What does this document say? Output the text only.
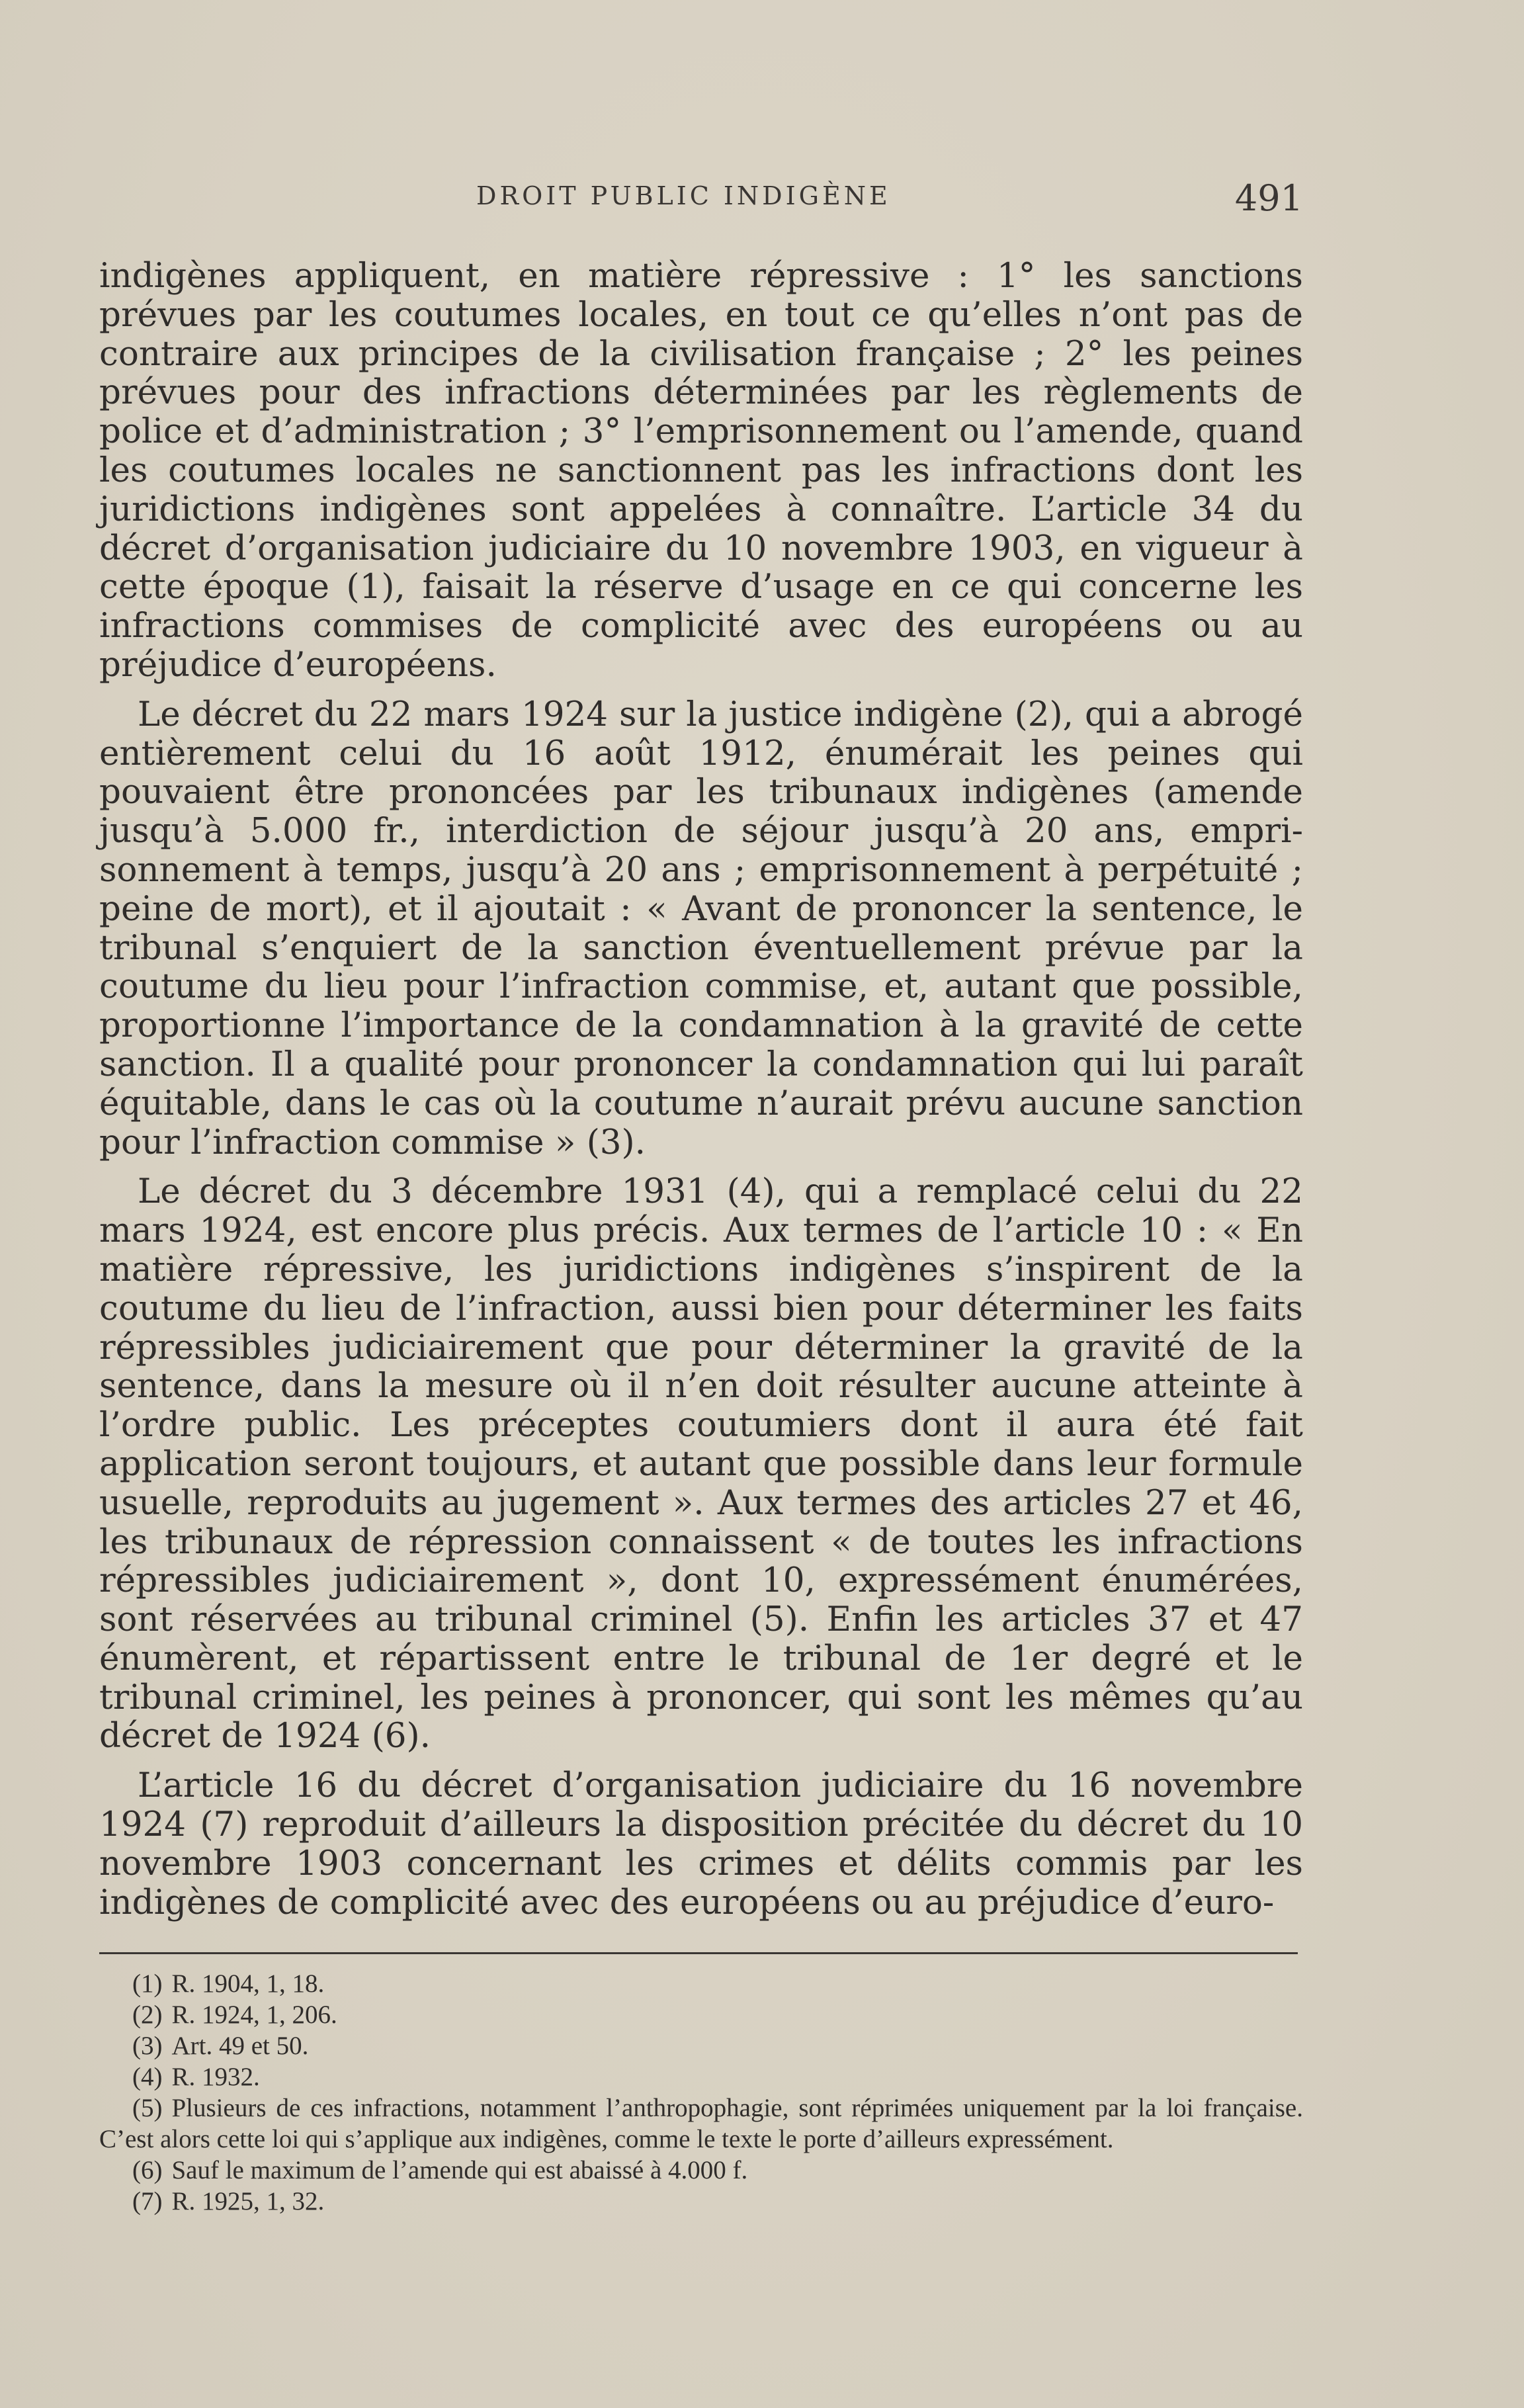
DROIT PUBLIC INDIGÈNE	491

indigènes appliquent, en matière répressive : 1° les sanctions prévues par les coutumes locales, en tout ce qu’elles n’ont pas de contraire aux principes de la civilisation française ; 2° les peines prévues pour des infractions déterminées par les règlements de police et d’administration ; 3° l’emprisonnement ou l’amende, quand les coutumes locales ne sanctionnent pas les infractions dont les juridictions indigènes sont appelées à connaître. L’article 34 du décret d’organisation judiciaire du 10 novembre 1903, en vigueur à cette époque (1), faisait la réserve d’usage en ce qui concerne les infractions commises de complicité avec des européens ou au préjudice d’européens.

Le décret du 22 mars 1924 sur la justice indigène (2), qui a abrogé entièrement celui du 16 août 1912, énumérait les peines qui pouvaient être prononcées par les tribunaux indigènes (amende jusqu’à 5.000 fr., interdiction de séjour jusqu’à 20 ans, emprisonnement à temps, jusqu’à 20 ans ; emprisonnement à perpétuité ; peine de mort), et il ajoutait : « Avant de prononcer la sentence, le tribunal s’enquiert de la sanction éventuellement prévue par la coutume du lieu pour l’infraction commise, et, autant que possible, proportionne l’importance de la condamnation à la gravité de cette sanction. Il a qualité pour prononcer la condamnation qui lui paraît équitable, dans le cas où la coutume n’aurait prévu aucune sanction pour l’infraction commise » (3).

Le décret du 3 décembre 1931 (4), qui a remplacé celui du 22 mars 1924, est encore plus précis. Aux termes de l’article 10 : « En matière répressive, les juridictions indigènes s’inspirent de la coutume du lieu de l’infraction, aussi bien pour déterminer les faits répressibles judiciairement que pour déterminer la gravité de la sentence, dans la mesure où il n’en doit résulter aucune atteinte à l’ordre public. Les préceptes coutumiers dont il aura été fait application seront toujours, et autant que possible dans leur formule usuelle, reproduits au jugement ». Aux termes des articles 27 et 46, les tribunaux de répression connaissent « de toutes les infractions répressibles judiciairement », dont 10, expressément énumérées, sont réservées au tribunal criminel (5). Enfin les articles 37 et 47 énumèrent, et répartissent entre le tribunal de 1er degré et le tribunal criminel, les peines à prononcer, qui sont les mêmes qu’au décret de 1924 (6).

L’article 16 du décret d’organisation judiciaire du 16 novembre 1924 (7) reproduit d’ailleurs la disposition précitée du décret du 10 novembre 1903 concernant les crimes et délits commis par les indigènes de complicité avec des européens ou au préjudice d’euro-

(1) R. 1904, 1, 18.

(2) R. 1924, 1, 206.

(3) Art. 49 et 50.

(4) R. 1932.

(5) Plusieurs de ces infractions, notamment l’anthropophagie, sont réprimées uniquement par la loi française. C’est alors cette loi qui s’applique aux indigènes, comme le texte le porte d’ailleurs expressément.

(6) Sauf le maximum de l’amende qui est abaissé à 4.000 f.

(7) R. 1925, 1, 32.
